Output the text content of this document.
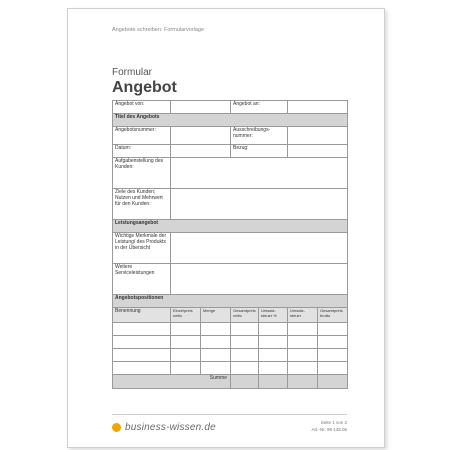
Angebote schreiben: Formularvorlage
Formular
Angebot
Angebot von:			Angebot an:			
Titel des Angebots						
Angebotsnummer:			Ausschreibungs-nummer:			
Datum:			Bezug:			
Aufgabenstellung des Kunden:						
Ziele des Kunden; Nutzen und Mehrwert für den Kunden:						
Leistungsangebot						
Wichtige Merkmale der Leistung/ des Produkts in der Übersicht						
Weitere Serviceleistungen						
Angebotspositionen						
Benennung	Einzelpreis netto	Menge	Gesamtpreis netto	Umsatz-steuer %	Umsatz-steuer	Gesamtpreis brutto

Summe						
business-wissen.de	Seite 1 von 2
Art.-Nr. 99 148.06
